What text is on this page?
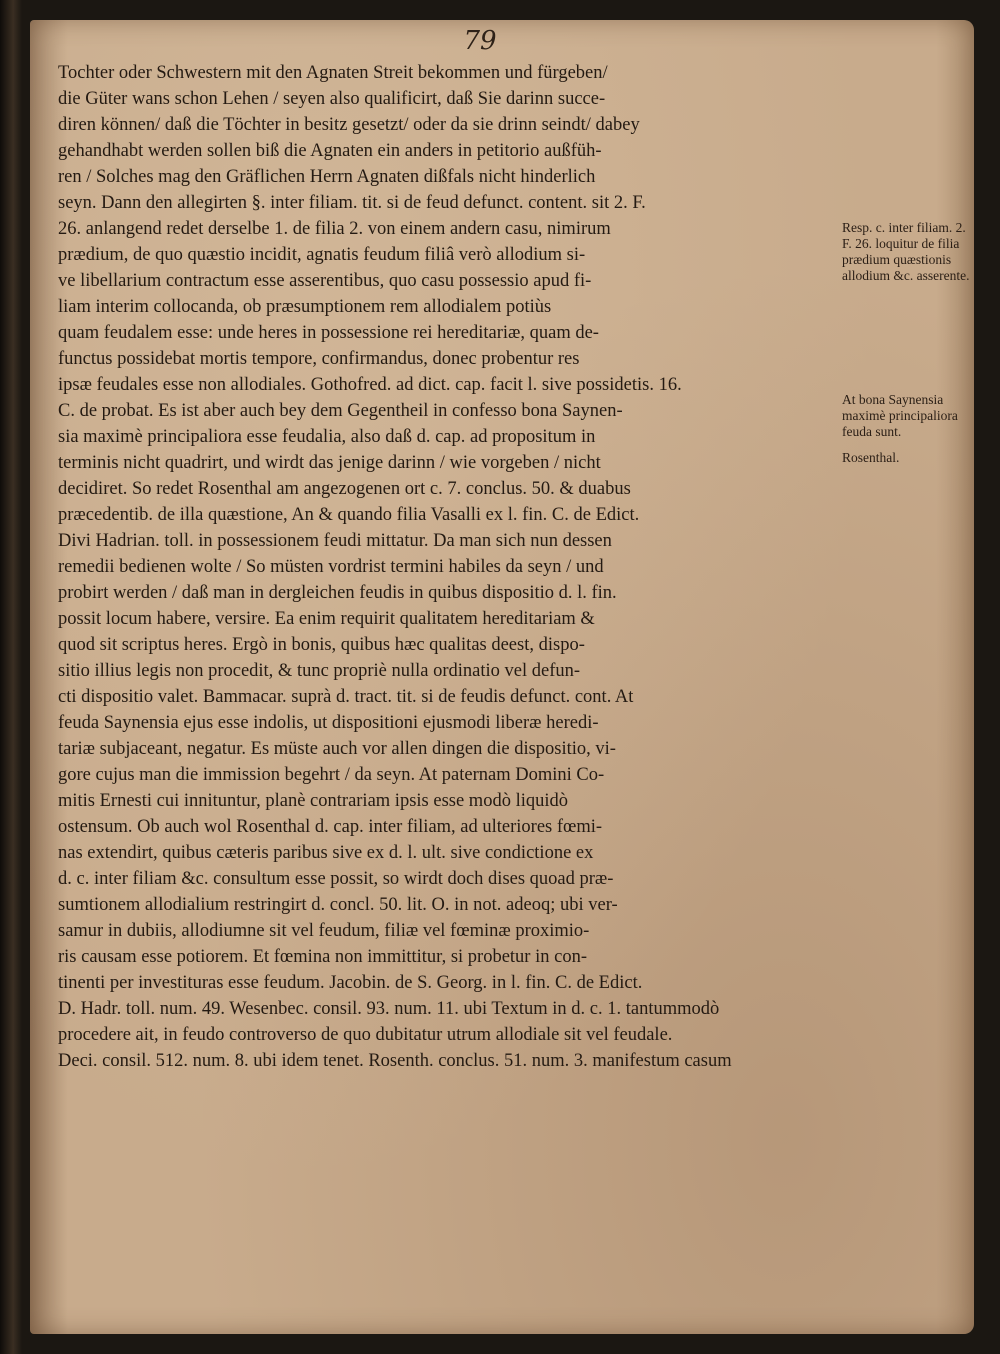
79
Tochter oder Schwestern mit den Agnaten Streit bekommen und fürgeben/
die Güter wans schon Lehen / seyen also qualificirt, daß Sie darinn succe-
diren können/ daß die Töchter in besitz gesetzt/ oder da sie drinn seindt/ dabey
gehandhabt werden sollen biß die Agnaten ein anders in petitorio außfüh-
ren / Solches mag den Gräflichen Herrn Agnaten dißfals nicht hinderlich
seyn. Dann den allegirten §. inter filiam. tit. si de feud defunct. content. sit 2. F.
26. anlangend redet derselbe 1. de filia 2. von einem andern casu, nimirum
prædium, de quo quæstio incidit, agnatis feudum filiâ verò allodium si-
ve libellarium contractum esse asserentibus, quo casu possessio apud fi-
liam interim collocanda, ob præsumptionem rem allodialem potiùs
quam feudalem esse: unde heres in possessione rei hereditariæ, quam de-
functus possidebat mortis tempore, confirmandus, donec probentur res
ipsæ feudales esse non allodiales. Gothofred. ad dict. cap. facit l. sive possidetis. 16.
C. de probat. Es ist aber auch bey dem Gegentheil in confesso bona Saynen-
sia maximè principaliora esse feudalia, also daß d. cap. ad propositum in
terminis nicht quadrirt, und wirdt das jenige darinn / wie vorgeben / nicht
decidiret. So redet Rosenthal am angezogenen ort c. 7. conclus. 50. & duabus
præcedentib. de illa quæstione, An & quando filia Vasalli ex l. fin. C. de Edict.
Divi Hadrian. toll. in possessionem feudi mittatur. Da man sich nun dessen
remedii bedienen wolte / So müsten vordrist termini habiles da seyn / und
probirt werden / daß man in dergleichen feudis in quibus dispositio d. l. fin.
possit locum habere, versire. Ea enim requirit qualitatem hereditariam &
quod sit scriptus heres. Ergò in bonis, quibus hæc qualitas deest, dispo-
sitio illius legis non procedit, & tunc propriè nulla ordinatio vel defun-
cti dispositio valet. Bammacar. suprà d. tract. tit. si de feudis defunct. cont. At
feuda Saynensia ejus esse indolis, ut dispositioni ejusmodi liberæ heredi-
tariæ subjaceant, negatur. Es müste auch vor allen dingen die dispositio, vi-
gore cujus man die immission begehrt / da seyn. At paternam Domini Co-
mitis Ernesti cui innituntur, planè contrariam ipsis esse modò liquidò
ostensum. Ob auch wol Rosenthal d. cap. inter filiam, ad ulteriores fœmi-
nas extendirt, quibus cæteris paribus sive ex d. l. ult. sive condictione ex
d. c. inter filiam &c. consultum esse possit, so wirdt doch dises quoad præ-
sumtionem allodialium restringirt d. concl. 50. lit. O. in not. adeoq; ubi ver-
samur in dubiis, allodiumne sit vel feudum, filiæ vel fœminæ proximio-
ris causam esse potiorem. Et fœmina non immittitur, si probetur in con-
tinenti per investituras esse feudum. Jacobin. de S. Georg. in l. fin. C. de Edict.
D. Hadr. toll. num. 49. Wesenbec. consil. 93. num. 11. ubi Textum in d. c. 1. tantummodò
procedere ait, in feudo controverso de quo dubitatur utrum allodiale sit vel feudale.
Deci. consil. 512. num. 8. ubi idem tenet. Rosenth. conclus. 51. num. 3. manifestum casum
Resp. c. inter filiam. 2. F. 26. loquitur de filia prædium quæstionis allodium &c. asserente.
At bona Saynensia maximè principaliora feuda sunt.
Rosenthal.
